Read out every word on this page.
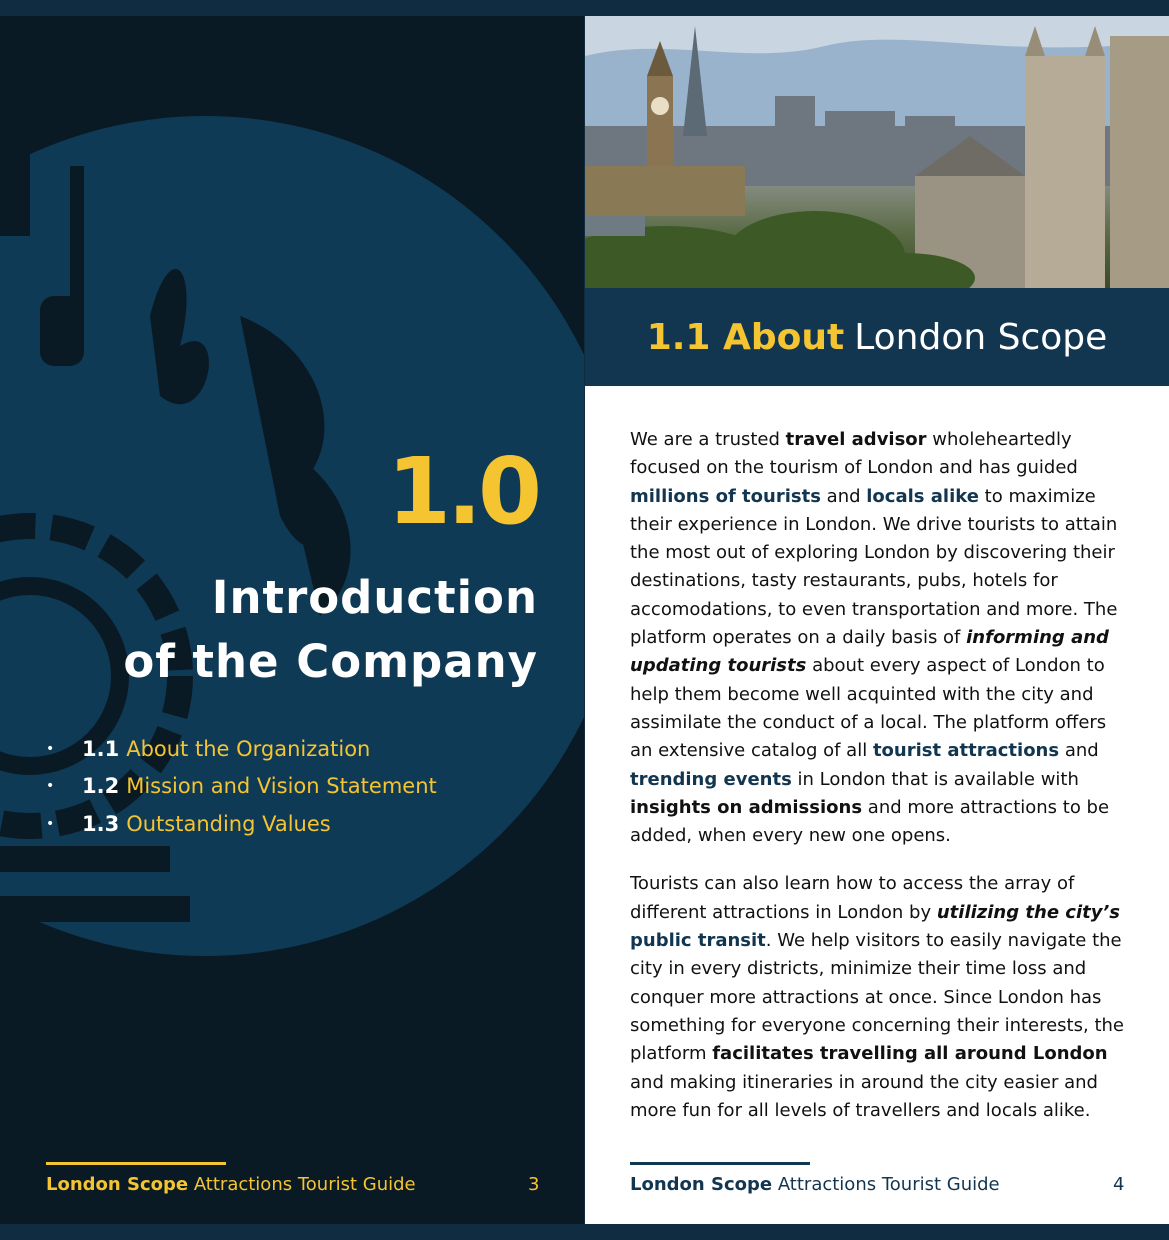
1.0
Introduction
of the Company
•	1.1 About the Organization
•	1.2 Mission and Vision Statement
•	1.3 Outstanding Values
London Scope Attractions Tourist Guide	3
1.1 About London Scope

We are a trusted travel advisor wholeheartedly focused on the tourism of London and has guided millions of tourists and locals alike to maximize their experience in London. We drive tourists to attain the most out of exploring London by discovering their destinations, tasty restaurants, pubs, hotels for accomodations, to even transportation and more. The platform operates on a daily basis of informing and updating tourists about every aspect of London to help them become well acquinted with the city and assimilate the conduct of a local. The platform offers an extensive catalog of all tourist attractions and trending events in London that is available with insights on admissions and more attractions to be added, when every new one opens.

Tourists can also learn how to access the array of different attractions in London by utilizing the city’s public transit. We help visitors to easily navigate the city in every districts, minimize their time loss and conquer more attractions at once. Since London has something for everyone concerning their interests, the platform facilitates travelling all around London and making itineraries in around the city easier and more fun for all levels of travellers and locals alike.

London Scope Attractions Tourist Guide	4
